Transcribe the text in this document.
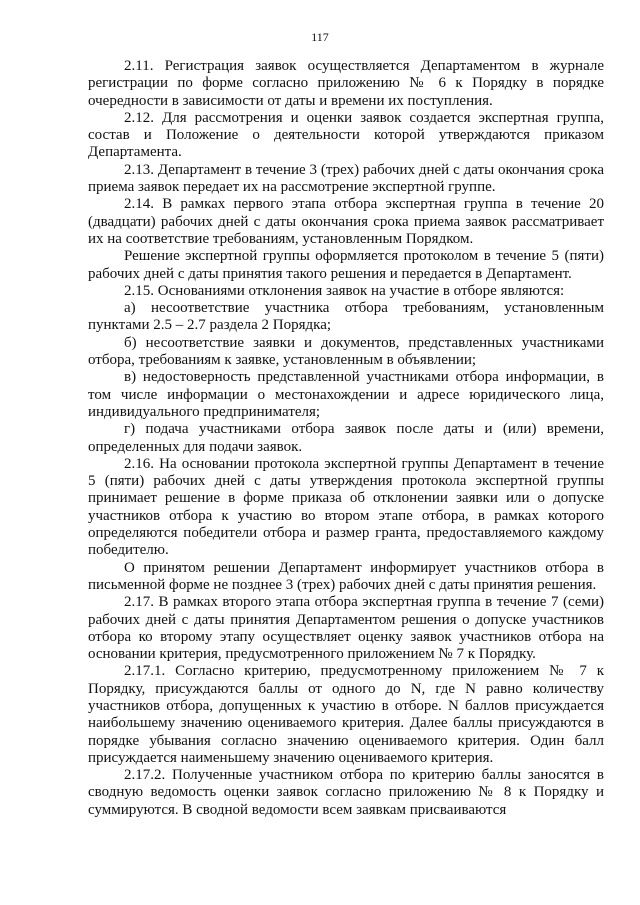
117

2.11. Регистрация заявок осуществляется Департаментом в журнале регистрации по форме согласно приложению № 6 к Порядку в порядке очередности в зависимости от даты и времени их поступления.

2.12. Для рассмотрения и оценки заявок создается экспертная группа, состав и Положение о деятельности которой утверждаются приказом Департамента.

2.13. Департамент в течение 3 (трех) рабочих дней с даты окончания срока приема заявок передает их на рассмотрение экспертной группе.

2.14. В рамках первого этапа отбора экспертная группа в течение 20 (двадцати) рабочих дней с даты окончания срока приема заявок рассматривает их на соответствие требованиям, установленным Порядком.

Решение экспертной группы оформляется протоколом в течение 5 (пяти) рабочих дней с даты принятия такого решения и передается в Департамент.

2.15. Основаниями отклонения заявок на участие в отборе являются:

а) несоответствие участника отбора требованиям, установленным пунктами 2.5 – 2.7 раздела 2 Порядка;

б) несоответствие заявки и документов, представленных участниками отбора, требованиям к заявке, установленным в объявлении;

в) недостоверность представленной участниками отбора информации, в том числе информации о местонахождении и адресе юридического лица, индивидуального предпринимателя;

г) подача участниками отбора заявок после даты и (или) времени, определенных для подачи заявок.

2.16. На основании протокола экспертной группы Департамент в течение 5 (пяти) рабочих дней с даты утверждения протокола экспертной группы принимает решение в форме приказа об отклонении заявки или о допуске участников отбора к участию во втором этапе отбора, в рамках которого определяются победители отбора и размер гранта, предоставляемого каждому победителю.

О принятом решении Департамент информирует участников отбора в письменной форме не позднее 3 (трех) рабочих дней с даты принятия решения.

2.17. В рамках второго этапа отбора экспертная группа в течение 7 (семи) рабочих дней с даты принятия Департаментом решения о допуске участников отбора ко второму этапу осуществляет оценку заявок участников отбора на основании критерия, предусмотренного приложением № 7 к Порядку.

2.17.1. Согласно критерию, предусмотренному приложением № 7 к Порядку, присуждаются баллы от одного до N, где N равно количеству участников отбора, допущенных к участию в отборе. N баллов присуждается наибольшему значению оцениваемого критерия. Далее баллы присуждаются в порядке убывания согласно значению оцениваемого критерия. Один балл присуждается наименьшему значению оцениваемого критерия.

2.17.2. Полученные участником отбора по критерию баллы заносятся в сводную ведомость оценки заявок согласно приложению № 8 к Порядку и суммируются. В сводной ведомости всем заявкам присваиваются
